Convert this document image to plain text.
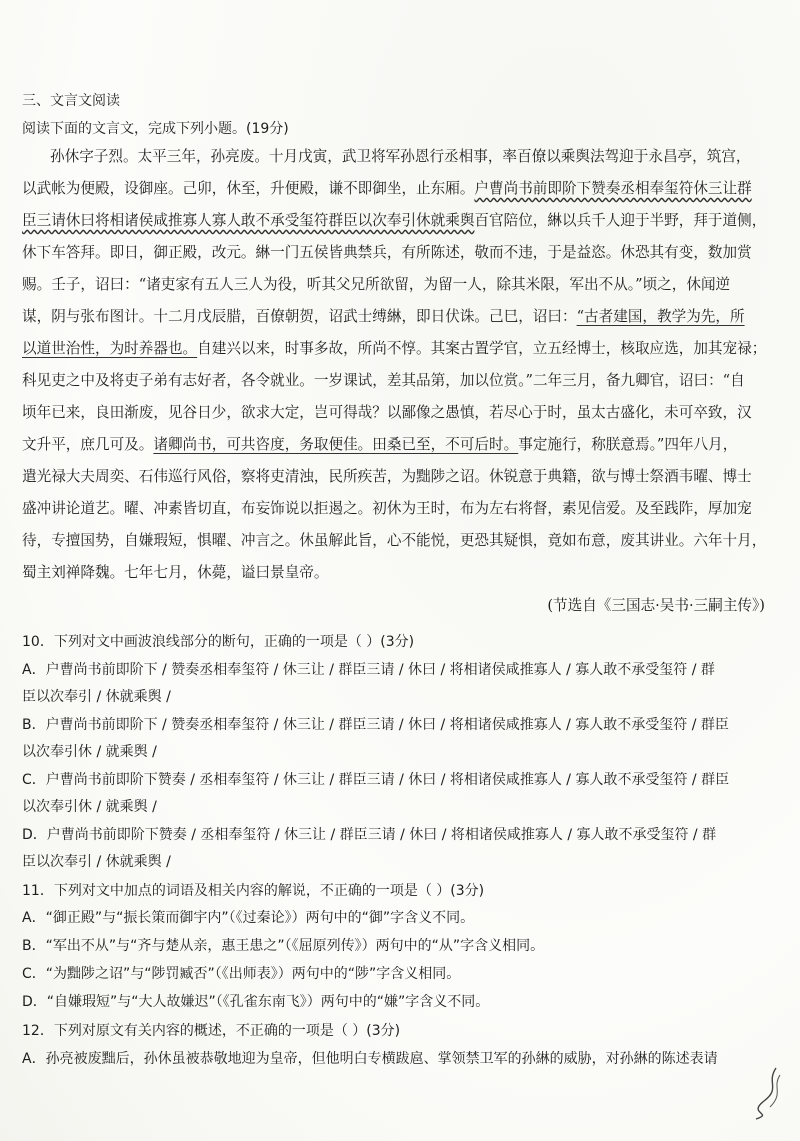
三、文言文阅读
阅读下面的文言文，完成下列小题。(19分)
孙休字子烈。太平三年，孙亮废。十月戊寅，武卫将军孙恩行丞相事，率百僚以乘舆法驾迎于永昌亭，筑宫，
以武帐为便殿，设御座。己卯，休至，升便殿，谦不即御坐，止东厢。户曹尚书前即阶下赞奏丞相奉玺符休三让群
臣三请休曰将相诸侯咸推寡人寡人敢不承受玺符群臣以次奉引休就乘舆百官陪位，綝以兵千人迎于半野，拜于道侧，
休下车答拜。即日，御正殿，改元。綝一门五侯皆典禁兵，有所陈述，敬而不违，于是益恣。休恐其有变，数加赏
赐。壬子，诏曰：“诸吏家有五人三人为役，听其父兄所欲留，为留一人，除其米限，军出不从。”顷之，休闻逆
谋，阴与张布图计。十二月戊辰腊，百僚朝贺，诏武士缚綝，即日伏诛。己巳，诏曰：“古者建国，教学为先，所
以道世治性，为时养器也。自建兴以来，时事多故，所尚不惇。其案古置学官，立五经博士，核取应选，加其宠禄；
科见吏之中及将吏子弟有志好者，各令就业。一岁课试，差其品第，加以位赏。”二年三月，备九卿官，诏曰：“自
顷年已来，良田渐废，见谷日少，欲求大定，岂可得哉？以鄙像之愚慎，若尽心于时，虽太古盛化，未可卒致，汉
文升平，庶几可及。诸卿尚书，可共咨度，务取便佳。田桑已至，不可后时。事定施行，称朕意焉。”四年八月，
遣光禄大夫周奕、石伟巡行风俗，察将吏清浊，民所疾苦，为黜陟之诏。休锐意于典籍，欲与博士祭酒韦曜、博士
盛冲讲论道艺。曜、冲素皆切直，布妄饰说以拒遏之。初休为王时，布为左右将督，素见信爱。及至践阼，厚加宠
待，专擅国势，自嫌瑕短，惧曜、冲言之。休虽解此旨，心不能悦，更恐其疑惧，竟如布意，废其讲业。六年十月，
蜀主刘禅降魏。七年七月，休薨，谥曰景皇帝。
(节选自《三国志·吴书·三嗣主传》)
10．下列对文中画波浪线部分的断句，正确的一项是（ ）(3分)
A．户曹尚书前即阶下 / 赞奏丞相奉玺符 / 休三让 / 群臣三请 / 休曰 / 将相诸侯咸推寡人 / 寡人敢不承受玺符 / 群
臣以次奉引 / 休就乘舆 /
B．户曹尚书前即阶下 / 赞奏丞相奉玺符 / 休三让 / 群臣三请 / 休曰 / 将相诸侯咸推寡人 / 寡人敢不承受玺符 / 群臣
以次奉引休 / 就乘舆 /
C．户曹尚书前即阶下赞奏 / 丞相奉玺符 / 休三让 / 群臣三请 / 休曰 / 将相诸侯咸推寡人 / 寡人敢不承受玺符 / 群臣
以次奉引休 / 就乘舆 /
D．户曹尚书前即阶下赞奏 / 丞相奉玺符 / 休三让 / 群臣三请 / 休曰 / 将相诸侯咸推寡人 / 寡人敢不承受玺符 / 群
臣以次奉引 / 休就乘舆 /
11．下列对文中加点的词语及相关内容的解说，不正确的一项是（ ）(3分)
A．“御正殿”与“振长策而御宇内”（《过秦论》）两句中的“御”字含义不同。
B．“军出不从”与“齐与楚从亲，惠王患之”（《屈原列传》）两句中的“从”字含义相同。
C．“为黜陟之诏”与“陟罚臧否”（《出师表》）两句中的“陟”字含义相同。
D．“自嫌瑕短”与“大人故嫌迟”（《孔雀东南飞》）两句中的“嫌”字含义不同。
12．下列对原文有关内容的概述，不正确的一项是（ ）(3分)
A．孙亮被废黜后，孙休虽被恭敬地迎为皇帝，但他明白专横跋扈、掌领禁卫军的孙綝的威胁，对孙綝的陈述表请
